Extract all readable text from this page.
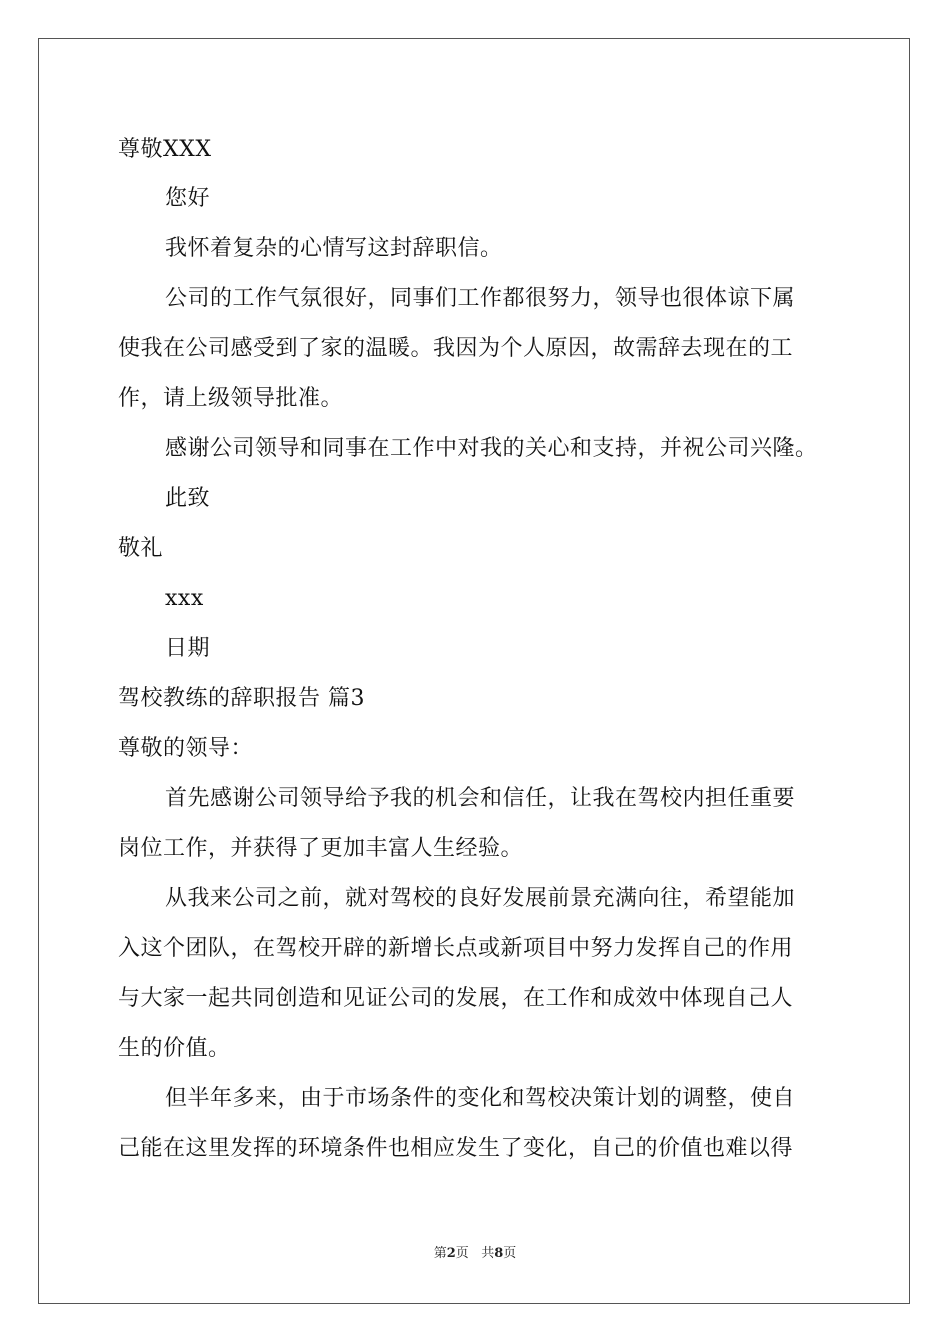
尊敬XXX
您好
我怀着复杂的心情写这封辞职信。
公司的工作气氛很好，同事们工作都很努力，领导也很体谅下属
使我在公司感受到了家的温暖。我因为个人原因，故需辞去现在的工
作，请上级领导批准。
感谢公司领导和同事在工作中对我的关心和支持，并祝公司兴隆。
此致
敬礼
xxx
日期
驾校教练的辞职报告 篇3
尊敬的领导：
首先感谢公司领导给予我的机会和信任，让我在驾校内担任重要
岗位工作，并获得了更加丰富人生经验。
从我来公司之前，就对驾校的良好发展前景充满向往，希望能加
入这个团队，在驾校开辟的新增长点或新项目中努力发挥自己的作用
与大家一起共同创造和见证公司的发展，在工作和成效中体现自己人
生的价值。
但半年多来，由于市场条件的变化和驾校决策计划的调整，使自
己能在这里发挥的环境条件也相应发生了变化，自己的价值也难以得
第2页 共8页
